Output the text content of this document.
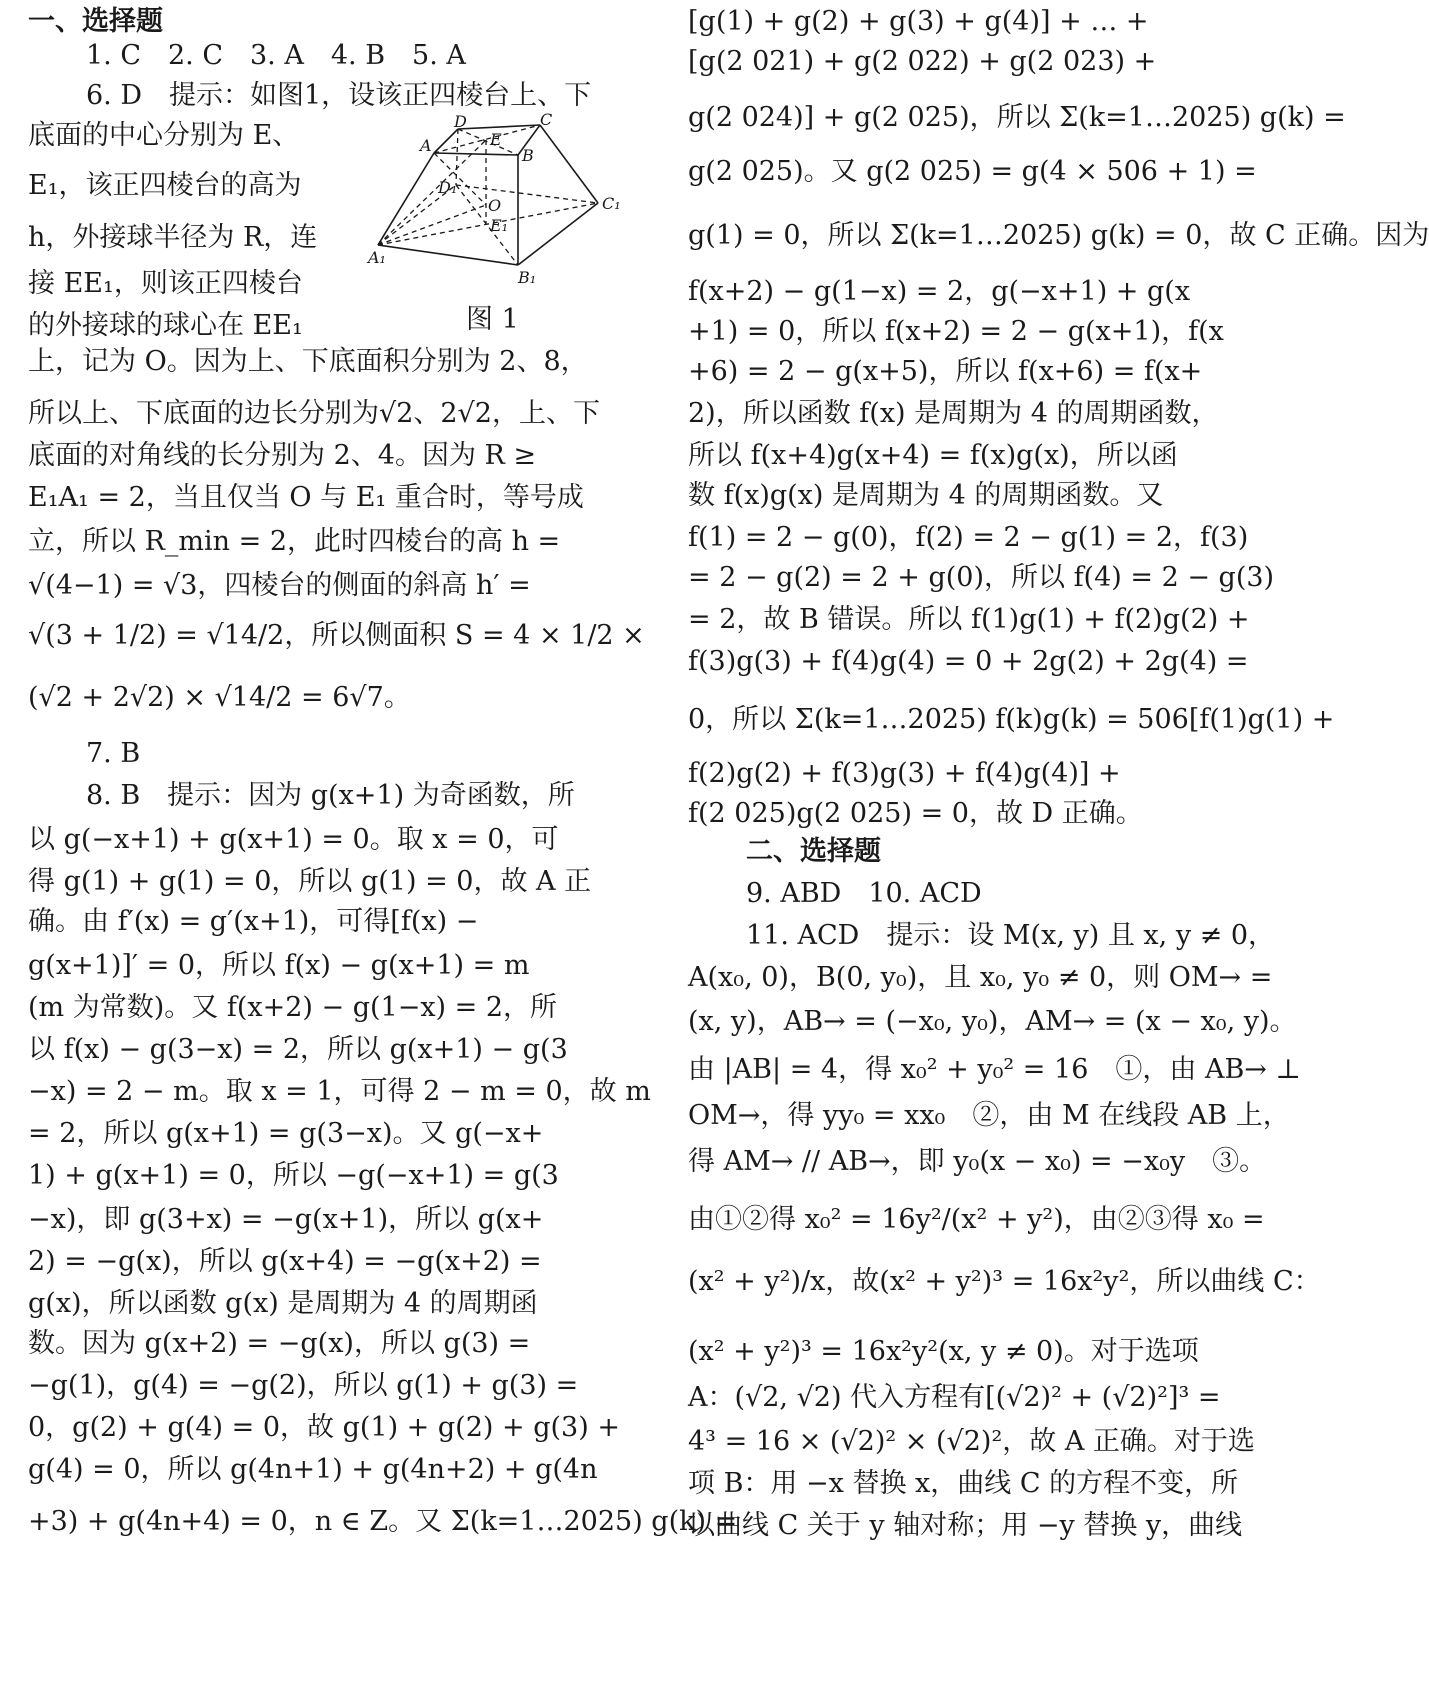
一、选择题
1. C　2. C　3. A　4. B　5. A
6. D　提示：如图1，设该正四棱台上、下
底面的中心分别为 E、
E₁，该正四棱台的高为
h，外接球半径为 R，连
接 EE₁，则该正四棱台
的外接球的球心在 EE₁
上，记为 O。因为上、下底面积分别为 2、8，
所以上、下底面的边长分别为√2、2√2，上、下
底面的对角线的长分别为 2、4。因为 R ≥
E₁A₁ = 2，当且仅当 O 与 E₁ 重合时，等号成
立，所以 R_min = 2，此时四棱台的高 h =
√(4−1) = √3，四棱台的侧面的斜高 h′ =
√(3 + 1/2) = √14/2，所以侧面积 S = 4 × 1/2 ×
(√2 + 2√2) × √14/2 = 6√7。
7. B
8. B　提示：因为 g(x+1) 为奇函数，所
以 g(−x+1) + g(x+1) = 0。取 x = 0，可
得 g(1) + g(1) = 0，所以 g(1) = 0，故 A 正
确。由 f′(x) = g′(x+1)，可得[f(x) −
g(x+1)]′ = 0，所以 f(x) − g(x+1) = m
(m 为常数)。又 f(x+2) − g(1−x) = 2，所
以 f(x) − g(3−x) = 2，所以 g(x+1) − g(3
−x) = 2 − m。取 x = 1，可得 2 − m = 0，故 m
= 2，所以 g(x+1) = g(3−x)。又 g(−x+
1) + g(x+1) = 0，所以 −g(−x+1) = g(3
−x)，即 g(3+x) = −g(x+1)，所以 g(x+
2) = −g(x)，所以 g(x+4) = −g(x+2) =
g(x)，所以函数 g(x) 是周期为 4 的周期函
数。因为 g(x+2) = −g(x)，所以 g(3) =
−g(1)，g(4) = −g(2)，所以 g(1) + g(3) =
0，g(2) + g(4) = 0，故 g(1) + g(2) + g(3) +
g(4) = 0，所以 g(4n+1) + g(4n+2) + g(4n
+3) + g(4n+4) = 0，n ∈ Z。又 Σ(k=1…2025) g(k) =
[g(1) + g(2) + g(3) + g(4)] + … +
[g(2 021) + g(2 022) + g(2 023) +
g(2 024)] + g(2 025)，所以 Σ(k=1…2025) g(k) =
g(2 025)。又 g(2 025) = g(4 × 506 + 1) =
g(1) = 0，所以 Σ(k=1…2025) g(k) = 0，故 C 正确。因为
f(x+2) − g(1−x) = 2，g(−x+1) + g(x
+1) = 0，所以 f(x+2) = 2 − g(x+1)，f(x
+6) = 2 − g(x+5)，所以 f(x+6) = f(x+
2)，所以函数 f(x) 是周期为 4 的周期函数，
所以 f(x+4)g(x+4) = f(x)g(x)，所以函
数 f(x)g(x) 是周期为 4 的周期函数。又
f(1) = 2 − g(0)，f(2) = 2 − g(1) = 2，f(3)
= 2 − g(2) = 2 + g(0)，所以 f(4) = 2 − g(3)
= 2，故 B 错误。所以 f(1)g(1) + f(2)g(2) +
f(3)g(3) + f(4)g(4) = 0 + 2g(2) + 2g(4) =
0，所以 Σ(k=1…2025) f(k)g(k) = 506[f(1)g(1) +
f(2)g(2) + f(3)g(3) + f(4)g(4)] +
f(2 025)g(2 025) = 0，故 D 正确。
二、选择题
9. ABD　10. ACD
11. ACD　提示：设 M(x, y) 且 x, y ≠ 0，
A(x₀, 0)，B(0, y₀)，且 x₀, y₀ ≠ 0，则 OM→ =
(x, y)，AB→ = (−x₀, y₀)，AM→ = (x − x₀, y)。
由 |AB| = 4，得 x₀² + y₀² = 16　①，由 AB→ ⊥
OM→，得 yy₀ = xx₀　②，由 M 在线段 AB 上，
得 AM→ // AB→，即 y₀(x − x₀) = −x₀y　③。
由①②得 x₀² = 16y²/(x² + y²)，由②③得 x₀ =
(x² + y²)/x，故(x² + y²)³ = 16x²y²，所以曲线 C：
(x² + y²)³ = 16x²y²(x, y ≠ 0)。对于选项
A：(√2, √2) 代入方程有[(√2)² + (√2)²]³ =
4³ = 16 × (√2)² × (√2)²，故 A 正确。对于选
项 B：用 −x 替换 x，曲线 C 的方程不变，所
以曲线 C 关于 y 轴对称；用 −y 替换 y，曲线
A
D
E
B
C
D₁
O	C₁
E₁
A₁
B₁
图 1
